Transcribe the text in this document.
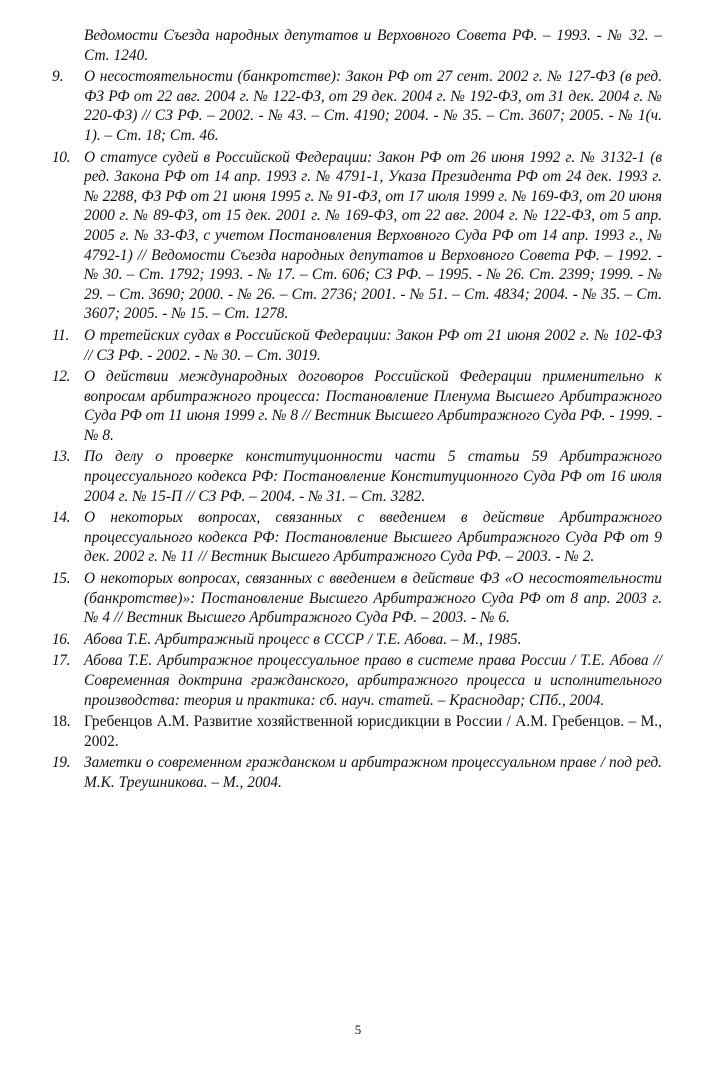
Ведомости Съезда народных депутатов и Верховного Совета РФ. – 1993. - № 32. – Ст. 1240.
9.	О несостоятельности (банкротстве): Закон РФ от 27 сент. 2002 г. № 127-ФЗ (в ред. ФЗ РФ от 22 авг. 2004 г. № 122-ФЗ, от 29 дек. 2004 г. № 192-ФЗ, от 31 дек. 2004 г. № 220-ФЗ) // СЗ РФ. – 2002. - № 43. – Ст. 4190; 2004. - № 35. – Ст. 3607; 2005. - № 1(ч. 1). – Ст. 18; Ст. 46.
10. О статусе судей в Российской Федерации: Закон РФ от 26 июня 1992 г. № 3132-1 (в ред. Закона РФ от 14 апр. 1993 г. № 4791-1, Указа Президента РФ от 24 дек. 1993 г. № 2288, ФЗ РФ от 21 июня 1995 г. № 91-ФЗ, от 17 июля 1999 г. № 169-ФЗ, от 20 июня 2000 г. № 89-ФЗ, от 15 дек. 2001 г. № 169-ФЗ, от 22 авг. 2004 г. № 122-ФЗ, от 5 апр. 2005 г. № 33-ФЗ, с учетом Постановления Верховного Суда РФ от 14 апр. 1993 г., № 4792-1) // Ведомости Съезда народных депутатов и Верховного Совета РФ. – 1992. - № 30. – Ст. 1792; 1993. - № 17. – Ст. 606; СЗ РФ. – 1995. - № 26. Ст. 2399; 1999. - № 29. – Ст. 3690; 2000. - № 26. – Ст. 2736; 2001. - № 51. – Ст. 4834; 2004. - № 35. – Ст. 3607; 2005. - № 15. – Ст. 1278.
11. О третейских судах в Российской Федерации: Закон РФ от 21 июня 2002 г. № 102-ФЗ // СЗ РФ. - 2002. - № 30. – Ст. 3019.
12. О действии международных договоров Российской Федерации применительно к вопросам арбитражного процесса: Постановление Пленума Высшего Арбитражного Суда РФ от 11 июня 1999 г. № 8 // Вестник Высшего Арбитражного Суда РФ. - 1999. - № 8.
13. По делу о проверке конституционности части 5 статьи 59 Арбитражного процессуального кодекса РФ: Постановление Конституционного Суда РФ от 16 июля 2004 г. № 15-П // СЗ РФ. – 2004. - № 31. – Ст. 3282.
14. О некоторых вопросах, связанных с введением в действие Арбитражного процессуального кодекса РФ: Постановление Высшего Арбитражного Суда РФ от 9 дек. 2002 г. № 11 // Вестник Высшего Арбитражного Суда РФ. – 2003. - № 2.
15. О некоторых вопросах, связанных с введением в действие ФЗ «О несостоятельности (банкротстве)»: Постановление Высшего Арбитражного Суда РФ от 8 апр. 2003 г. № 4 // Вестник Высшего Арбитражного Суда РФ. – 2003. - № 6.
16. Абова Т.Е. Арбитражный процесс в СССР / Т.Е. Абова. – М., 1985.
17. Абова Т.Е. Арбитражное процессуальное право в системе права России / Т.Е. Абова // Современная доктрина гражданского, арбитражного процесса и исполнительного производства: теория и практика: сб. науч. статей. – Краснодар; СПб., 2004.
18. Гребенцов А.М. Развитие хозяйственной юрисдикции в России / А.М. Гребенцов. – М., 2002.
19. Заметки о современном гражданском и арбитражном процессуальном праве / под ред. М.К. Треушникова. – М., 2004.
5
